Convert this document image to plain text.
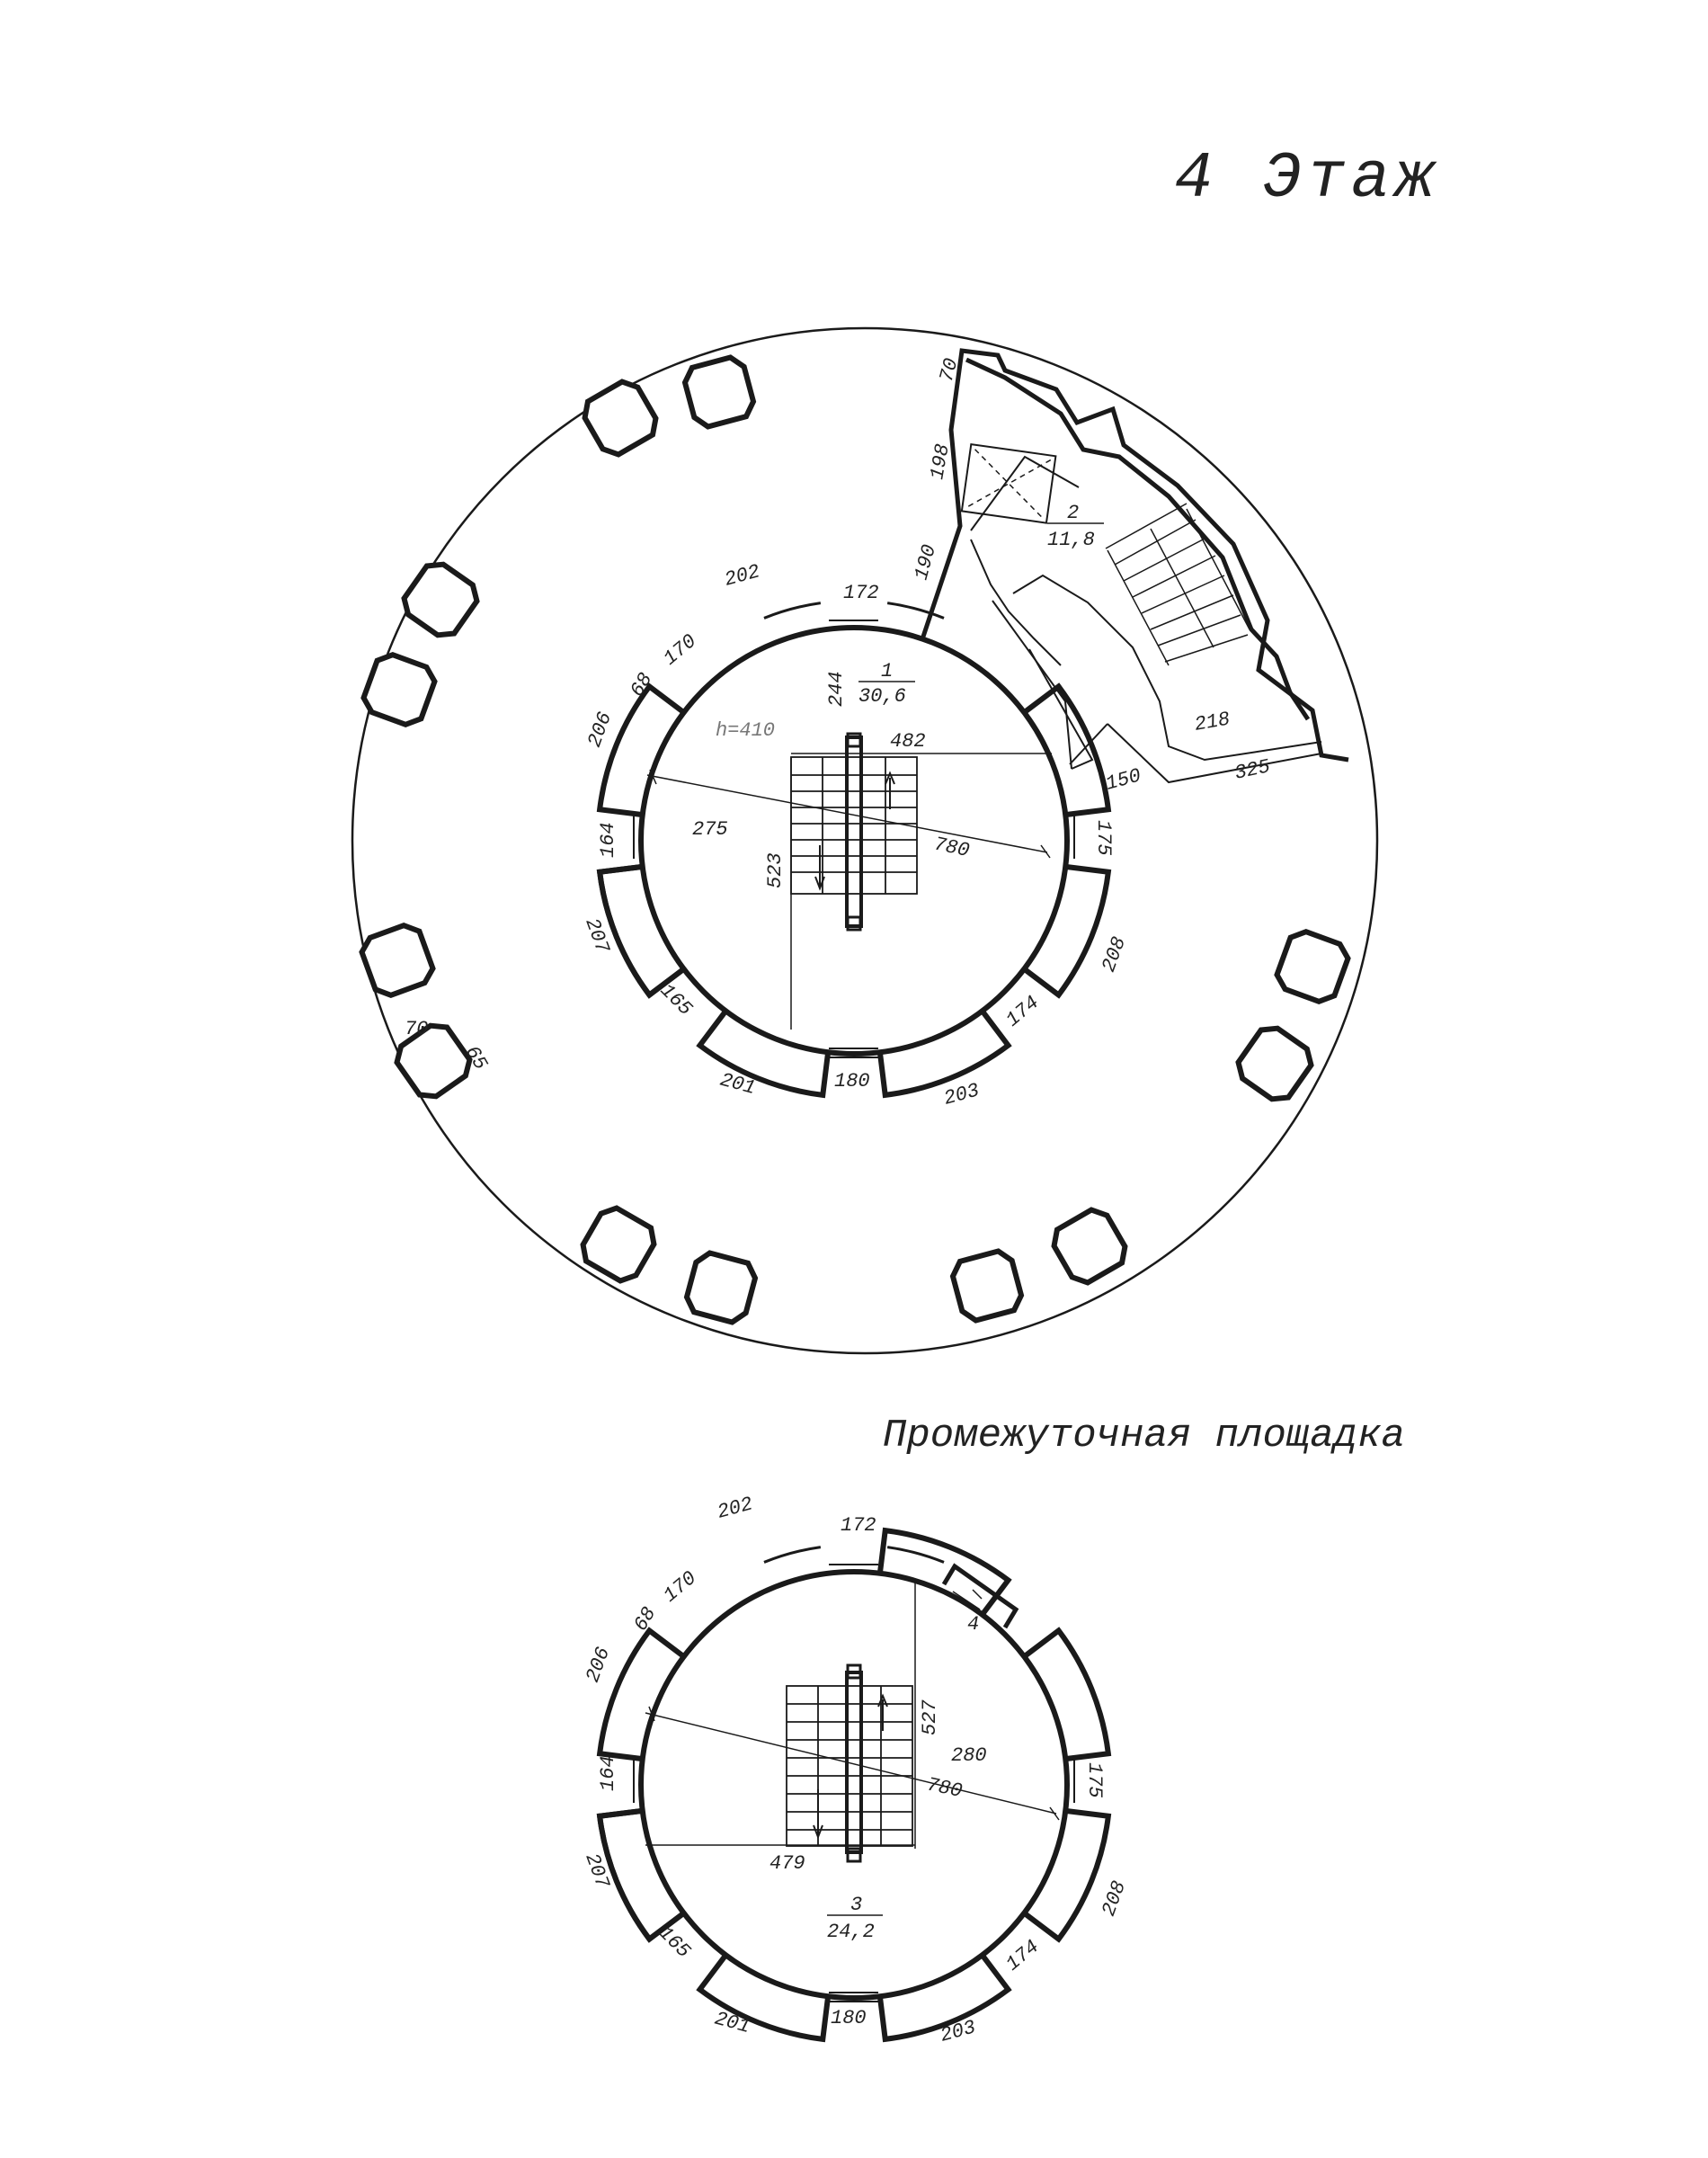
4 Этаж
Промежуточная площадка
172
202
170
68
206
164
207
165
201	180	203
174
208
175
150
1
30,6
244
482
275
780
523
2
11,8
70
198
190
218
325
70
65
h=410
172
202
170
68
206
164
207
165
201	180	203
174
208
175
3
24,2
4
527
280
780
479
